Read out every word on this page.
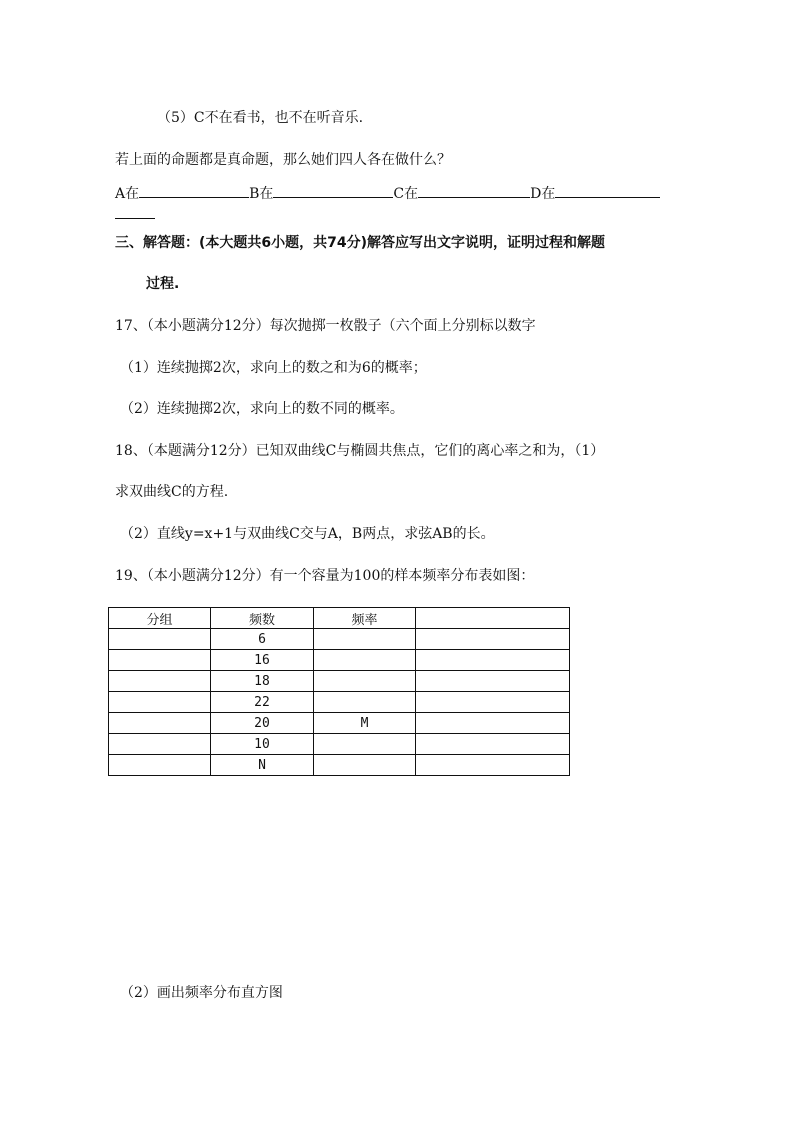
（5）C不在看书，也不在听音乐.
若上面的命题都是真命题，那么她们四人各在做什么？
A在	B在	C在	D在
三、解答题：(本大题共6小题，共74分)解答应写出文字说明，证明过程和解题
过程.
17、（本小题满分12分）每次抛掷一枚骰子（六个面上分别标以数字
（1）连续抛掷2次，求向上的数之和为6的概率；
（2）连续抛掷2次，求向上的数不同的概率。
18、（本题满分12分）已知双曲线C与椭圆共焦点，它们的离心率之和为，（1）
求双曲线C的方程.
（2）直线y=x+1与双曲线C交与A，B两点，求弦AB的长。
19、（本小题满分12分）有一个容量为100的样本频率分布表如图：
分组	频数	频率	
	6		
	16		
	18		
	22		
	20	M	
	10		
	N		
（2）画出频率分布直方图
